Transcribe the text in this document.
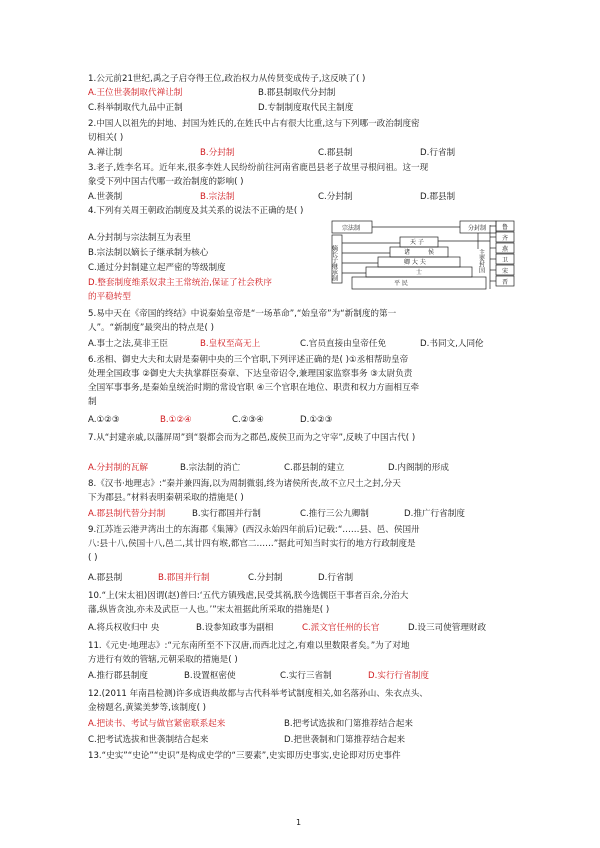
1.公元前21世纪,禹之子启夺得王位,政治权力从传贤变成传子,这反映了( )
A.王位世袭制取代禅让制	B.郡县制取代分封制
C.科举制取代九品中正制	D.专制制度取代民主制度
2.中国人以祖先的封地、封国为姓氏的,在姓氏中占有很大比重,这与下列哪一政治制度密
切相关( )
A.禅让制	B.分封制	C.郡县制	D.行省制
3.老子,姓李名耳。近年来,很多李姓人民纷纷前往河南省鹿邑县老子故里寻根问祖。这一现
象受下列中国古代哪一政治制度的影响( )
A.世袭制	B.宗法制	C.分封制	D.郡县制
4.下列有关周王朝政治制度及其关系的说法不正确的是( )
A.分封制与宗法制互为表里
B.宗法制以嫡长子继承制为核心
C.通过分封制建立起严密的等级制度
D.整套制度维系奴隶主王常统治,保证了社会秩序
的平稳转型
宗法制	分封制
嫡长子继承制
天 子
诸	侯
卿 大 夫
士
平 民
主要封国
鲁
齐
燕
卫
宋
晋
5.易中天在《帝国的终结》中说秦始皇帝是“一场革命”,“始皇帝”为“新制度的第一
人”。“新制度”最突出的特点是( )
A.事士之法,莫非王臣	B.皇权至高无上	C.官员直接由皇帝任免	D.书同文,人同伦
6.丞相、御史大夫和太尉是秦朝中央的三个官职,下列评述正确的是( )①丞相帮助皇帝
处理全国政事 ②御史大夫执掌群臣奏章、下达皇帝诏令,兼理国家监察事务 ③太尉负责
全国军事事务,是秦始皇统治时期的常设官职 ④三个官职在地位、职责和权力方面相互牵
制
A.①②③	B.①②④	C.②③④	D.①②③
7.从“封建亲戚,以藩屏周”到“裂都会而为之郡邑,废侯卫而为之守宰”,反映了中国古代( )
A.分封制的瓦解	B.宗法制的消亡	C.郡县制的建立	D.内阁制的形成
8.《汉书·地理志》:“秦并兼四海,以为周制微弱,终为诸侯所丧,故不立尺土之封,分天
下为郡县。”材料表明秦朝采取的措施是( )
A.郡县制代替分封制	B.实行郡国并行制	C.推行三公九卿制	D.推广行省制度
9.江苏连云港尹湾出土的东海郡《集簿》(西汉永始四年前后)记载:“……县、邑、侯国卅
八:县十八,侯国十八,邑二,其廿四有堠,都官二……”据此可知当时实行的地方行政制度是
( )
A.郡县制	B.郡国并行制	C.分封制	D.行省制
10.“上(宋太祖)因谓(赵)普曰:‘五代方镇残虐,民受其祸,朕今选儒臣干事者百余,分治大
藩,纵皆贪浊,亦未及武臣一人也。’”宋太祖据此所采取的措施是( )
A.将兵权收归中 央	B.设参知政事为副相	C.派文官任州的长官	D.设三司使管理财政
11.《元史·地理志》:“元东南所至不下汉唐,而西北过之,有难以里数限者矣。”为了对地
方进行有效的管辖,元朝采取的措施是( )
A.推行郡县制度	B.设置枢密使	C.实行三省制	D.实行行省制度
12.(2011 年南昌检测)许多成语典故都与古代科举考试制度相关,如名落孙山、朱衣点头、
金榜题名,黄粱美梦等,该制度( )
A.把读书、考试与做官紧密联系起来	B.把考试选拔和门第推荐结合起来
C.把考试选拔和世袭制结合起来	D.把世袭制和门第推荐结合起来
13.“史实”“史论”“史识”是构成史学的“三要素”,史实即历史事实,史论即对历史事件
1
